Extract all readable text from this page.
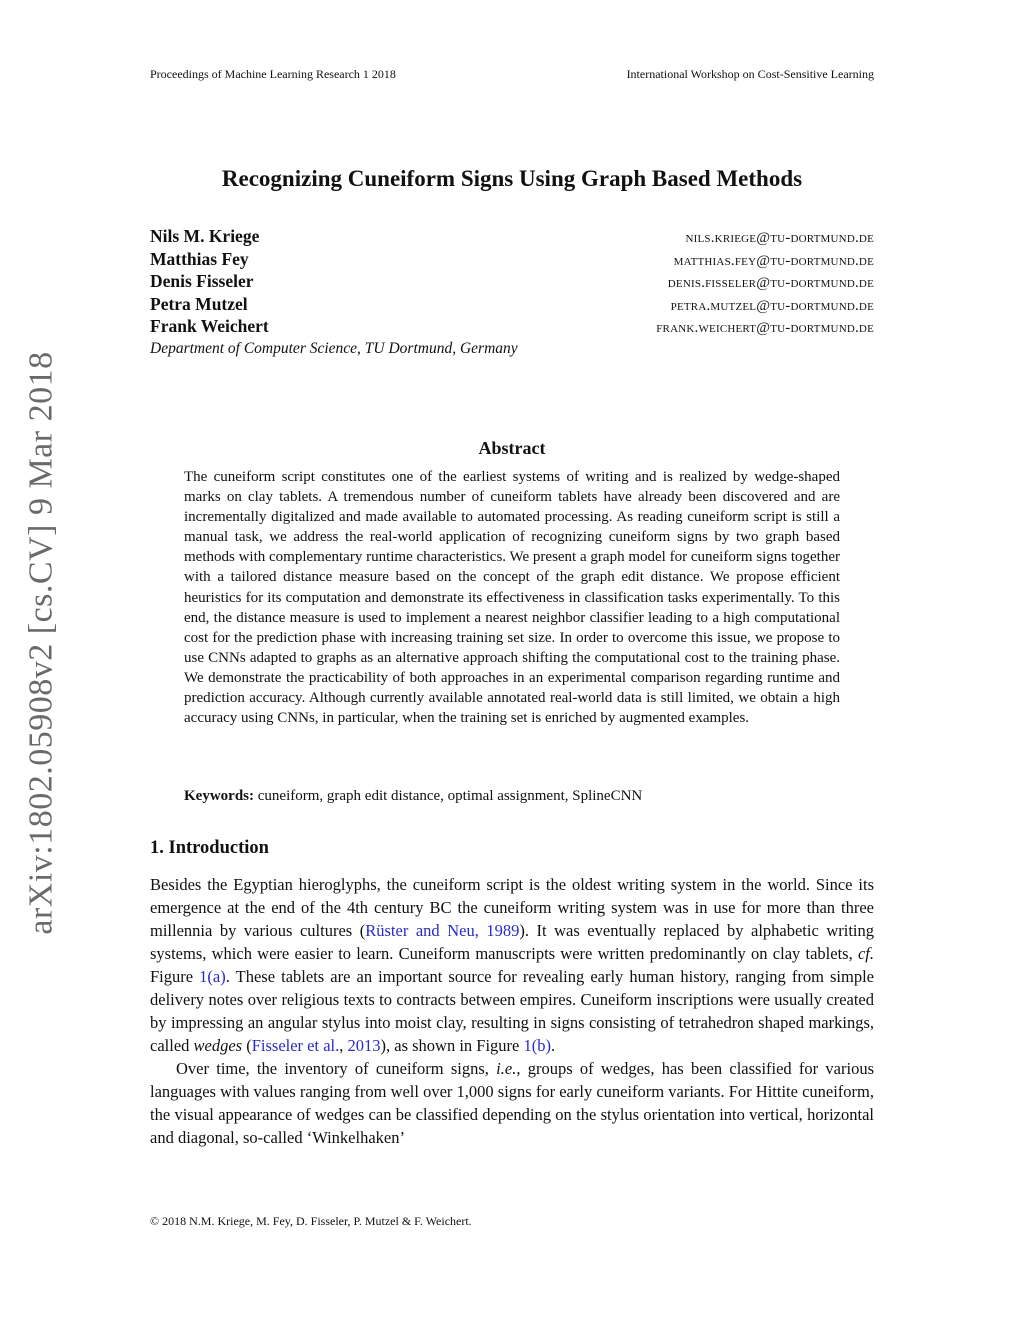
Proceedings of Machine Learning Research 1 2018	International Workshop on Cost-Sensitive Learning
arXiv:1802.05908v2 [cs.CV] 9 Mar 2018
Recognizing Cuneiform Signs Using Graph Based Methods
Nils M. Kriege	nils.kriege@tu-dortmund.de
Matthias Fey	matthias.fey@tu-dortmund.de
Denis Fisseler	denis.fisseler@tu-dortmund.de
Petra Mutzel	petra.mutzel@tu-dortmund.de
Frank Weichert	frank.weichert@tu-dortmund.de
Department of Computer Science, TU Dortmund, Germany
Abstract
The cuneiform script constitutes one of the earliest systems of writing and is realized by wedge-shaped marks on clay tablets. A tremendous number of cuneiform tablets have already been discovered and are incrementally digitalized and made available to automated processing. As reading cuneiform script is still a manual task, we address the real-world application of recognizing cuneiform signs by two graph based methods with complementary runtime characteristics. We present a graph model for cuneiform signs together with a tailored distance measure based on the concept of the graph edit distance. We propose efficient heuristics for its computation and demonstrate its effectiveness in classification tasks experimentally. To this end, the distance measure is used to implement a nearest neighbor classifier leading to a high computational cost for the prediction phase with increasing training set size. In order to overcome this issue, we propose to use CNNs adapted to graphs as an alternative approach shifting the computational cost to the training phase. We demonstrate the practicability of both approaches in an experimental comparison regarding runtime and prediction accuracy. Although currently available annotated real-world data is still limited, we obtain a high accuracy using CNNs, in particular, when the training set is enriched by augmented examples.
Keywords: cuneiform, graph edit distance, optimal assignment, SplineCNN
1. Introduction

Besides the Egyptian hieroglyphs, the cuneiform script is the oldest writing system in the world. Since its emergence at the end of the 4th century BC the cuneiform writing system was in use for more than three millennia by various cultures (Rüster and Neu, 1989). It was eventually replaced by alphabetic writing systems, which were easier to learn. Cuneiform manuscripts were written predominantly on clay tablets, cf. Figure 1(a). These tablets are an important source for revealing early human history, ranging from simple delivery notes over religious texts to contracts between empires. Cuneiform inscriptions were usually created by impressing an angular stylus into moist clay, resulting in signs consisting of tetrahedron shaped markings, called wedges (Fisseler et al., 2013), as shown in Figure 1(b).

Over time, the inventory of cuneiform signs, i.e., groups of wedges, has been classified for various languages with values ranging from well over 1,000 signs for early cuneiform variants. For Hittite cuneiform, the visual appearance of wedges can be classified depending on the stylus orientation into vertical, horizontal and diagonal, so-called ‘Winkelhaken’

© 2018 N.M. Kriege, M. Fey, D. Fisseler, P. Mutzel & F. Weichert.
